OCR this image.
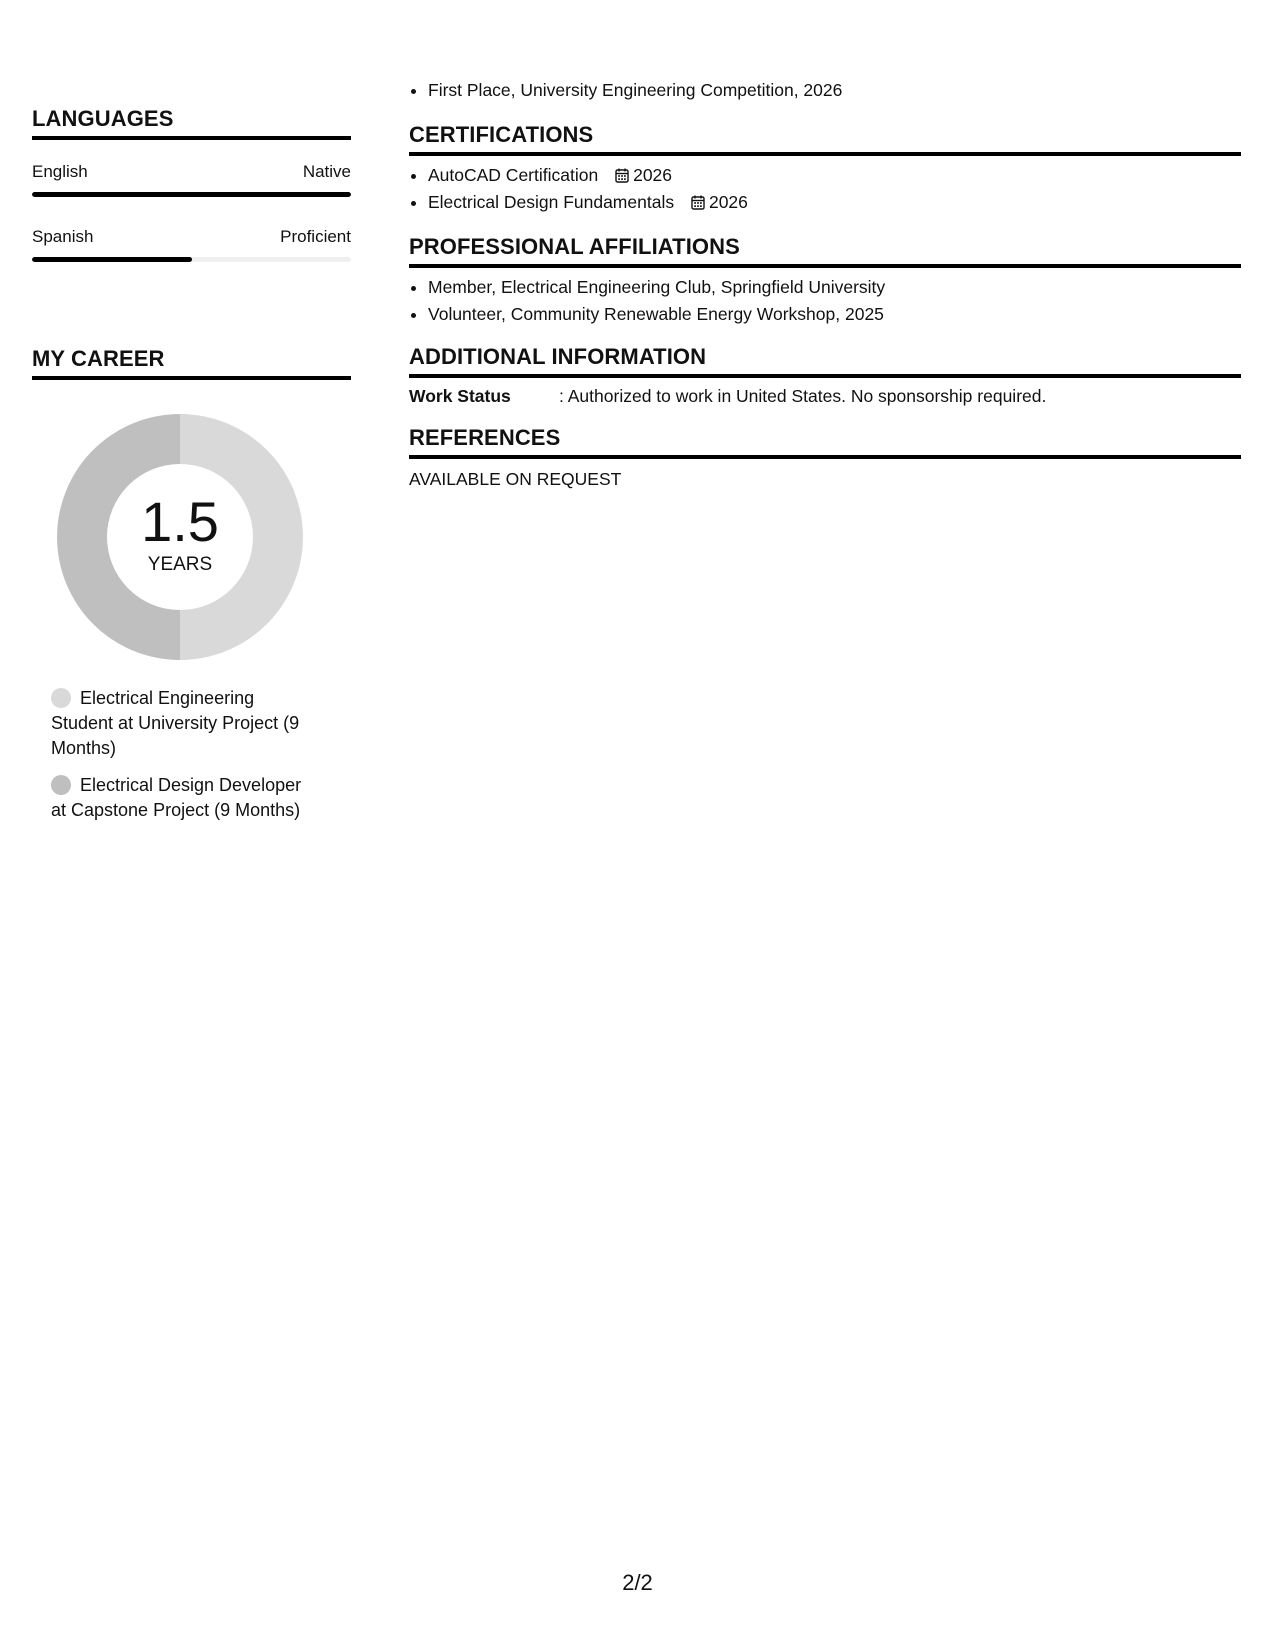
LANGUAGES
English	Native
Spanish	Proficient
MY CAREER
1.5
YEARS
Electrical Engineering Student at University Project (9 Months)
Electrical Design Developer at Capstone Project (9 Months)
• First Place, University Engineering Competition, 2026
CERTIFICATIONS
• AutoCAD Certification 2026
• Electrical Design Fundamentals 2026
PROFESSIONAL AFFILIATIONS
• Member, Electrical Engineering Club, Springfield University
• Volunteer, Community Renewable Energy Workshop, 2025
ADDITIONAL INFORMATION
Work Status	: Authorized to work in United States. No sponsorship required.
REFERENCES
AVAILABLE ON REQUEST
2/2
